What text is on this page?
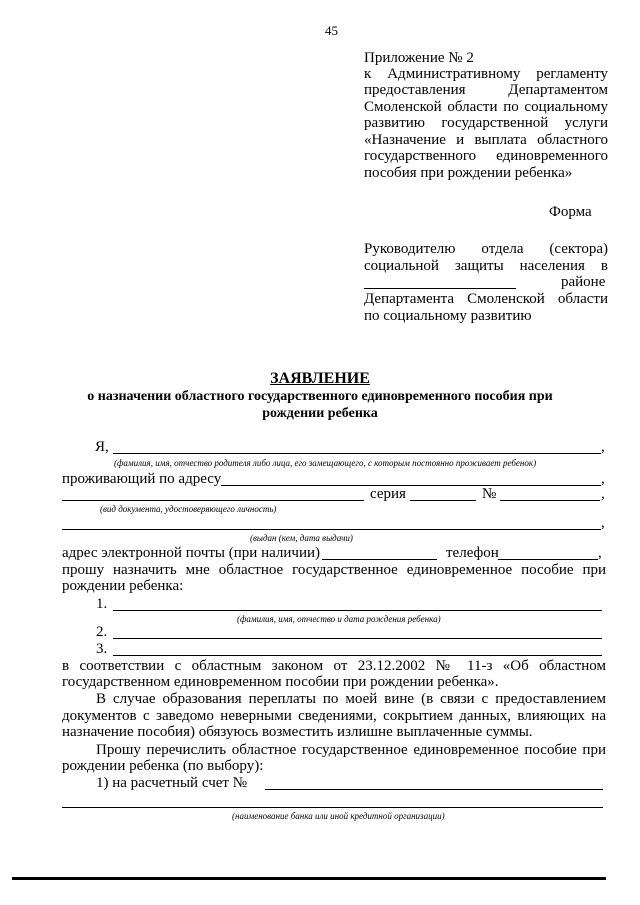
45
Приложение № 2
к Административному регламенту
предоставления Департаментом
Смоленской области по социальному
развитию государственной услуги
«Назначение и выплата областного
государственного единовременного
пособия при рождении ребенка»
Форма
Руководителю отдела (сектора)
социальной защиты населения в
районе
Департамента Смоленской области
по социальному развитию
ЗАЯВЛЕНИЕ
о назначении областного государственного единовременного пособия при
рождении ребенка
Я,	,
(фамилия, имя, отчество родителя либо лица, его замещающего, с которым постоянно проживает ребенок)
проживающий по адресу	,
серия	№	,
(вид документа, удостоверяющего личность)
,
(выдан (кем, дата выдачи)
адрес электронной почты (при наличии)	телефон	,
прошу назначить мне областное государственное единовременное пособие при
рождении ребенка:
1.
(фамилия, имя, отчество и дата рождения ребенка)
2.
3.
в соответствии с областным законом от 23.12.2002 № 11-з «Об областном
государственном единовременном пособии при рождении ребенка».
В случае образования переплаты по моей вине (в связи с предоставлением
документов с заведомо неверными сведениями, сокрытием данных, влияющих на
назначение пособия) обязуюсь возместить излишне выплаченные суммы.
Прошу перечислить областное государственное единовременное пособие при
рождении ребенка (по выбору):
1) на расчетный счет №
(наименование банка или иной кредитной организации)
